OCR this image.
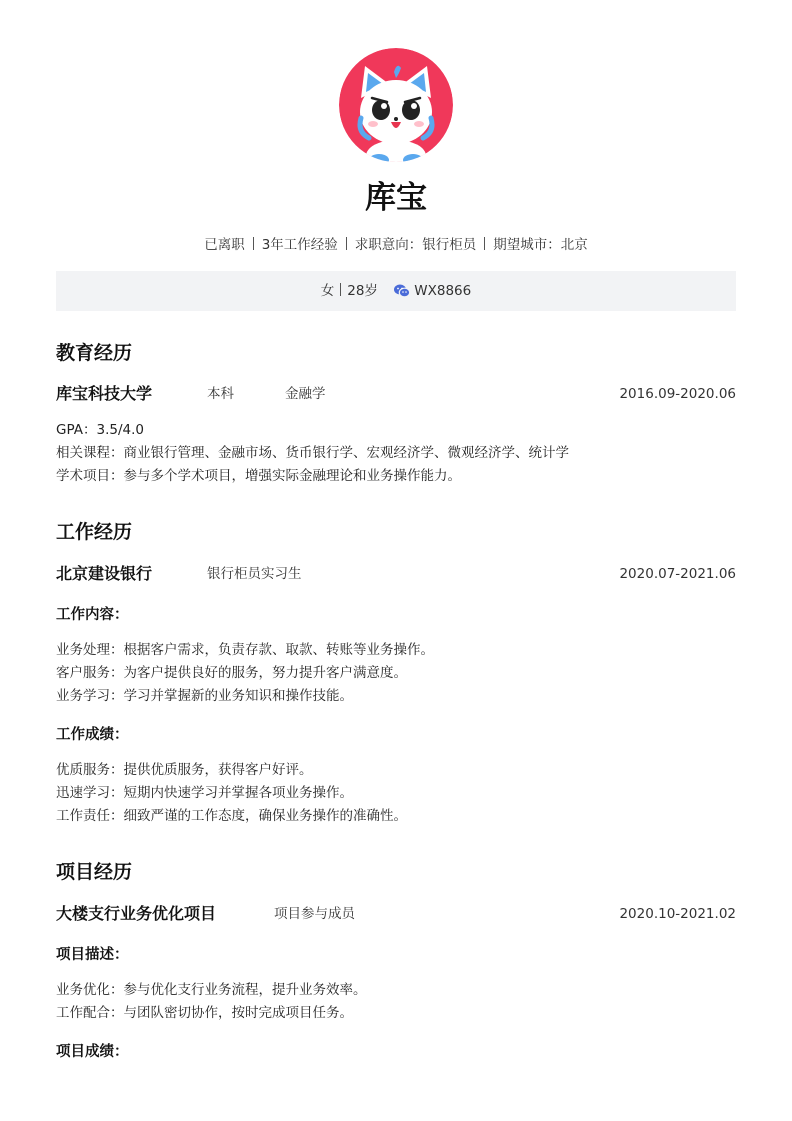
库宝
已离职 3年工作经验 求职意向：银行柜员 期望城市：北京
女 28岁	WX8866
教育经历
库宝科技大学	本科	金融学	2016.09-2020.06
GPA：3.5/4.0
相关课程：商业银行管理、金融市场、货币银行学、宏观经济学、微观经济学、统计学
学术项目：参与多个学术项目，增强实际金融理论和业务操作能力。
工作经历
北京建设银行	银行柜员实习生	2020.07-2021.06
工作内容：
业务处理：根据客户需求，负责存款、取款、转账等业务操作。
客户服务：为客户提供良好的服务，努力提升客户满意度。
业务学习：学习并掌握新的业务知识和操作技能。
工作成绩：
优质服务：提供优质服务，获得客户好评。
迅速学习：短期内快速学习并掌握各项业务操作。
工作责任：细致严谨的工作态度，确保业务操作的准确性。
项目经历
大楼支行业务优化项目	项目参与成员	2020.10-2021.02
项目描述：
业务优化：参与优化支行业务流程，提升业务效率。
工作配合：与团队密切协作，按时完成项目任务。
项目成绩：
